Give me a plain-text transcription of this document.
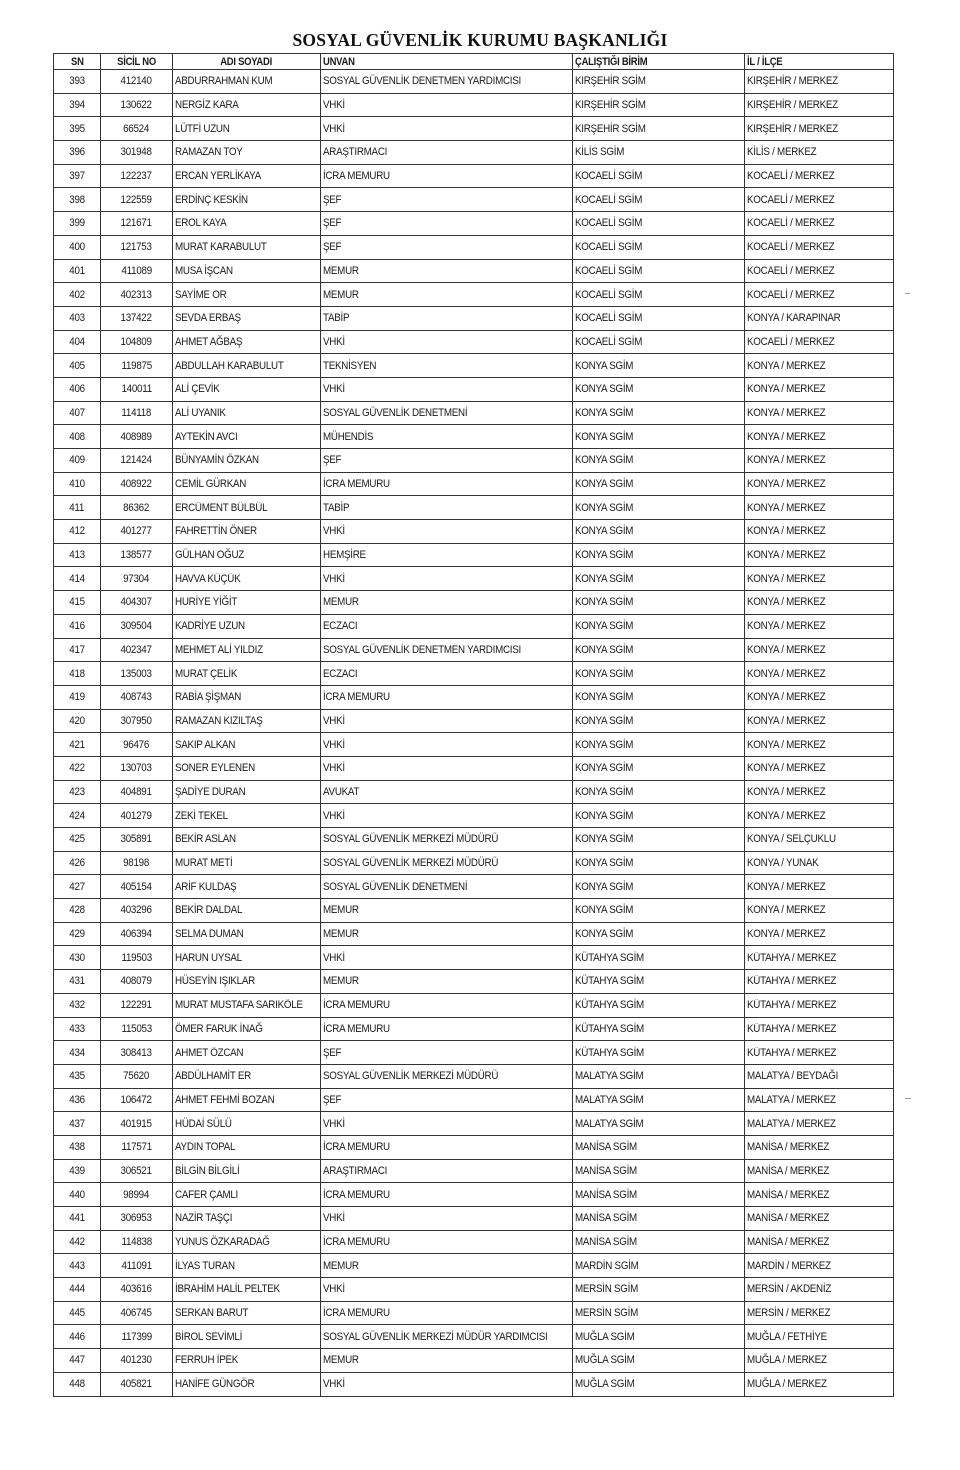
SOSYAL GÜVENLİK KURUMU BAŞKANLIĞI
SN	SİCİL NO	ADI SOYADI	UNVAN	ÇALIŞTIĞI BİRİM	İL / İLÇE
393	412140	ABDURRAHMAN KUM	SOSYAL GÜVENLİK DENETMEN YARDIMCISI	KIRŞEHİR SGİM	KIRŞEHİR / MERKEZ
394	130622	NERGİZ KARA	VHKİ	KIRŞEHİR SGİM	KIRŞEHİR / MERKEZ
395	66524	LÜTFİ UZUN	VHKİ	KIRŞEHİR SGİM	KIRŞEHİR / MERKEZ
396	301948	RAMAZAN TOY	ARAŞTIRMACI	KİLİS SGİM	KİLİS / MERKEZ
397	122237	ERCAN YERLİKAYA	İCRA MEMURU	KOCAELİ SGİM	KOCAELİ / MERKEZ
398	122559	ERDİNÇ KESKİN	ŞEF	KOCAELİ SGİM	KOCAELİ / MERKEZ
399	121671	EROL KAYA	ŞEF	KOCAELİ SGİM	KOCAELİ / MERKEZ
400	121753	MURAT KARABULUT	ŞEF	KOCAELİ SGİM	KOCAELİ / MERKEZ
401	411089	MUSA İŞCAN	MEMUR	KOCAELİ SGİM	KOCAELİ / MERKEZ
402	402313	SAYİME OR	MEMUR	KOCAELİ SGİM	KOCAELİ / MERKEZ
403	137422	SEVDA ERBAŞ	TABİP	KOCAELİ SGİM	KONYA / KARAPINAR
404	104809	AHMET AĞBAŞ	VHKİ	KOCAELİ SGİM	KOCAELİ / MERKEZ
405	119875	ABDULLAH KARABULUT	TEKNİSYEN	KONYA SGİM	KONYA / MERKEZ
406	140011	ALİ ÇEVİK	VHKİ	KONYA SGİM	KONYA / MERKEZ
407	114118	ALİ UYANIK	SOSYAL GÜVENLİK DENETMENİ	KONYA SGİM	KONYA / MERKEZ
408	408989	AYTEKİN AVCI	MÜHENDİS	KONYA SGİM	KONYA / MERKEZ
409	121424	BÜNYAMİN ÖZKAN	ŞEF	KONYA SGİM	KONYA / MERKEZ
410	408922	CEMİL GÜRKAN	İCRA MEMURU	KONYA SGİM	KONYA / MERKEZ
411	86362	ERCÜMENT BÜLBÜL	TABİP	KONYA SGİM	KONYA / MERKEZ
412	401277	FAHRETTİN ÖNER	VHKİ	KONYA SGİM	KONYA / MERKEZ
413	138577	GÜLHAN OĞUZ	HEMŞİRE	KONYA SGİM	KONYA / MERKEZ
414	97304	HAVVA KÜÇÜK	VHKİ	KONYA SGİM	KONYA / MERKEZ
415	404307	HURİYE YİĞİT	MEMUR	KONYA SGİM	KONYA / MERKEZ
416	309504	KADRİYE UZUN	ECZACI	KONYA SGİM	KONYA / MERKEZ
417	402347	MEHMET ALİ YILDIZ	SOSYAL GÜVENLİK DENETMEN YARDIMCISI	KONYA SGİM	KONYA / MERKEZ
418	135003	MURAT ÇELİK	ECZACI	KONYA SGİM	KONYA / MERKEZ
419	408743	RABİA ŞİŞMAN	İCRA MEMURU	KONYA SGİM	KONYA / MERKEZ
420	307950	RAMAZAN KIZILTAŞ	VHKİ	KONYA SGİM	KONYA / MERKEZ
421	96476	SAKIP ALKAN	VHKİ	KONYA SGİM	KONYA / MERKEZ
422	130703	SONER EYLENEN	VHKİ	KONYA SGİM	KONYA / MERKEZ
423	404891	ŞADİYE DURAN	AVUKAT	KONYA SGİM	KONYA / MERKEZ
424	401279	ZEKİ TEKEL	VHKİ	KONYA SGİM	KONYA / MERKEZ
425	305891	BEKİR ASLAN	SOSYAL GÜVENLİK MERKEZİ MÜDÜRÜ	KONYA SGİM	KONYA / SELÇUKLU
426	98198	MURAT METİ	SOSYAL GÜVENLİK MERKEZİ MÜDÜRÜ	KONYA SGİM	KONYA / YUNAK
427	405154	ARİF KULDAŞ	SOSYAL GÜVENLİK DENETMENİ	KONYA SGİM	KONYA / MERKEZ
428	403296	BEKİR DALDAL	MEMUR	KONYA SGİM	KONYA / MERKEZ
429	406394	SELMA DUMAN	MEMUR	KONYA SGİM	KONYA / MERKEZ
430	119503	HARUN UYSAL	VHKİ	KÜTAHYA SGİM	KÜTAHYA / MERKEZ
431	408079	HÜSEYİN IŞIKLAR	MEMUR	KÜTAHYA SGİM	KÜTAHYA / MERKEZ
432	122291	MURAT MUSTAFA SARIKÖLE	İCRA MEMURU	KÜTAHYA SGİM	KÜTAHYA / MERKEZ
433	115053	ÖMER FARUK İNAĞ	İCRA MEMURU	KÜTAHYA SGİM	KÜTAHYA / MERKEZ
434	308413	AHMET ÖZCAN	ŞEF	KÜTAHYA SGİM	KÜTAHYA / MERKEZ
435	75620	ABDÜLHAMİT ER	SOSYAL GÜVENLİK MERKEZİ MÜDÜRÜ	MALATYA SGİM	MALATYA / BEYDAĞI
436	106472	AHMET FEHMİ BOZAN	ŞEF	MALATYA SGİM	MALATYA / MERKEZ
437	401915	HÜDAİ SÜLÜ	VHKİ	MALATYA SGİM	MALATYA / MERKEZ
438	117571	AYDIN TOPAL	İCRA MEMURU	MANİSA SGİM	MANİSA / MERKEZ
439	306521	BİLGİN BİLGİLİ	ARAŞTIRMACI	MANİSA SGİM	MANİSA / MERKEZ
440	98994	CAFER ÇAMLI	İCRA MEMURU	MANİSA SGİM	MANİSA / MERKEZ
441	306953	NAZİR TAŞÇI	VHKİ	MANİSA SGİM	MANİSA / MERKEZ
442	114838	YUNUS ÖZKARADAĞ	İCRA MEMURU	MANİSA SGİM	MANİSA / MERKEZ
443	411091	İLYAS TURAN	MEMUR	MARDİN SGİM	MARDİN / MERKEZ
444	403616	İBRAHİM HALİL PELTEK	VHKİ	MERSİN SGİM	MERSİN / AKDENİZ
445	406745	SERKAN BARUT	İCRA MEMURU	MERSİN SGİM	MERSİN / MERKEZ
446	117399	BİROL SEVİMLİ	SOSYAL GÜVENLİK MERKEZİ MÜDÜR YARDIMCISI	MUĞLA SGİM	MUĞLA / FETHİYE
447	401230	FERRUH İPEK	MEMUR	MUĞLA SGİM	MUĞLA / MERKEZ
448	405821	HANİFE GÜNGÖR	VHKİ	MUĞLA SGİM	MUĞLA / MERKEZ
